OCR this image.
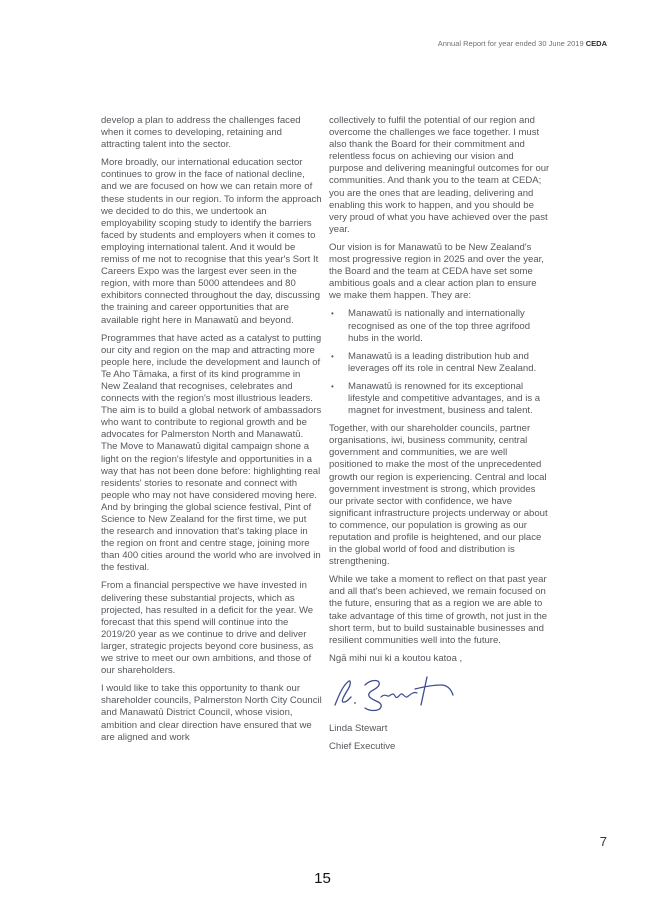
Annual Report for year ended 30 June 2019 CEDA

develop a plan to address the challenges faced when it comes to developing, retaining and attracting talent into the sector.

More broadly, our international education sector continues to grow in the face of national decline, and we are focused on how we can retain more of these students in our region. To inform the approach we decided to do this, we undertook an employability scoping study to identify the barriers faced by students and employers when it comes to employing international talent. And it would be remiss of me not to recognise that this year's Sort It Careers Expo was the largest ever seen in the region, with more than 5000 attendees and 80 exhibitors connected throughout the day, discussing the training and career opportunities that are available right here in Manawatū and beyond.

Programmes that have acted as a catalyst to putting our city and region on the map and attracting more people here, include the development and launch of Te Aho Tāmaka, a first of its kind programme in New Zealand that recognises, celebrates and connects with the region's most illustrious leaders. The aim is to build a global network of ambassadors who want to contribute to regional growth and be advocates for Palmerston North and Manawatū. The Move to Manawatū digital campaign shone a light on the region's lifestyle and opportunities in a way that has not been done before: highlighting real residents' stories to resonate and connect with people who may not have considered moving here. And by bringing the global science festival, Pint of Science to New Zealand for the first time, we put the research and innovation that's taking place in the region on front and centre stage, joining more than 400 cities around the world who are involved in the festival.

From a financial perspective we have invested in delivering these substantial projects, which as projected, has resulted in a deficit for the year. We forecast that this spend will continue into the 2019/20 year as we continue to drive and deliver larger, strategic projects beyond core business, as we strive to meet our own ambitions, and those of our shareholders.

I would like to take this opportunity to thank our shareholder councils, Palmerston North City Council and Manawatū District Council, whose vision, ambition and clear direction have ensured that we are aligned and work

collectively to fulfil the potential of our region and overcome the challenges we face together. I must also thank the Board for their commitment and relentless focus on achieving our vision and purpose and delivering meaningful outcomes for our communities. And thank you to the team at CEDA; you are the ones that are leading, delivering and enabling this work to happen, and you should be very proud of what you have achieved over the past year.

Our vision is for Manawatū to be New Zealand's most progressive region in 2025 and over the year, the Board and the team at CEDA have set some ambitious goals and a clear action plan to ensure we make them happen. They are:

• Manawatū is nationally and internationally recognised as one of the top three agrifood hubs in the world.
• Manawatū is a leading distribution hub and leverages off its role in central New Zealand.
• Manawatū is renowned for its exceptional lifestyle and competitive advantages, and is a magnet for investment, business and talent.

Together, with our shareholder councils, partner organisations, iwi, business community, central government and communities, we are well positioned to make the most of the unprecedented growth our region is experiencing. Central and local government investment is strong, which provides our private sector with confidence, we have significant infrastructure projects underway or about to commence, our population is growing as our reputation and profile is heightened, and our place in the global world of food and distribution is strengthening.

While we take a moment to reflect on that past year and all that's been achieved, we remain focused on the future, ensuring that as a region we are able to take advantage of this time of growth, not just in the short term, but to build sustainable businesses and resilient communities well into the future.

Ngā mihi nui ki a koutou katoa ,

Linda Stewart

Chief Executive

7
15
